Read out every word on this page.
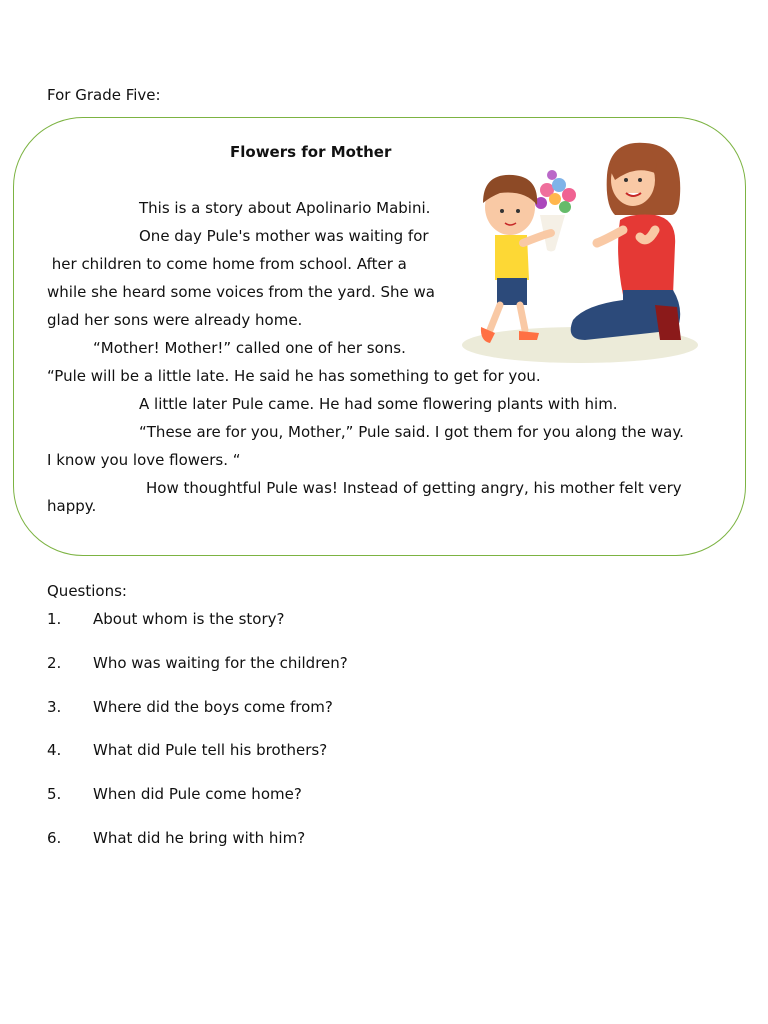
For Grade Five:
Flowers for Mother
This is a story about Apolinario Mabini.
One day Pule's mother was waiting for
her children to come home from school. After a
while she heard some voices from the yard. She wa
glad her sons were already home.
“Mother! Mother!” called one of her sons.
“Pule will be a little late. He said he has something to get for you.
A little later Pule came. He had some flowering plants with him.
“These are for you, Mother,” Pule said. I got them for you along the way.
I know you love flowers. “
How thoughtful Pule was! Instead of getting angry, his mother felt very
happy.
Questions:
1. About whom is the story?
2. Who was waiting for the children?
3. Where did the boys come from?
4. What did Pule tell his brothers?
5. When did Pule come home?
6. What did he bring with him?
